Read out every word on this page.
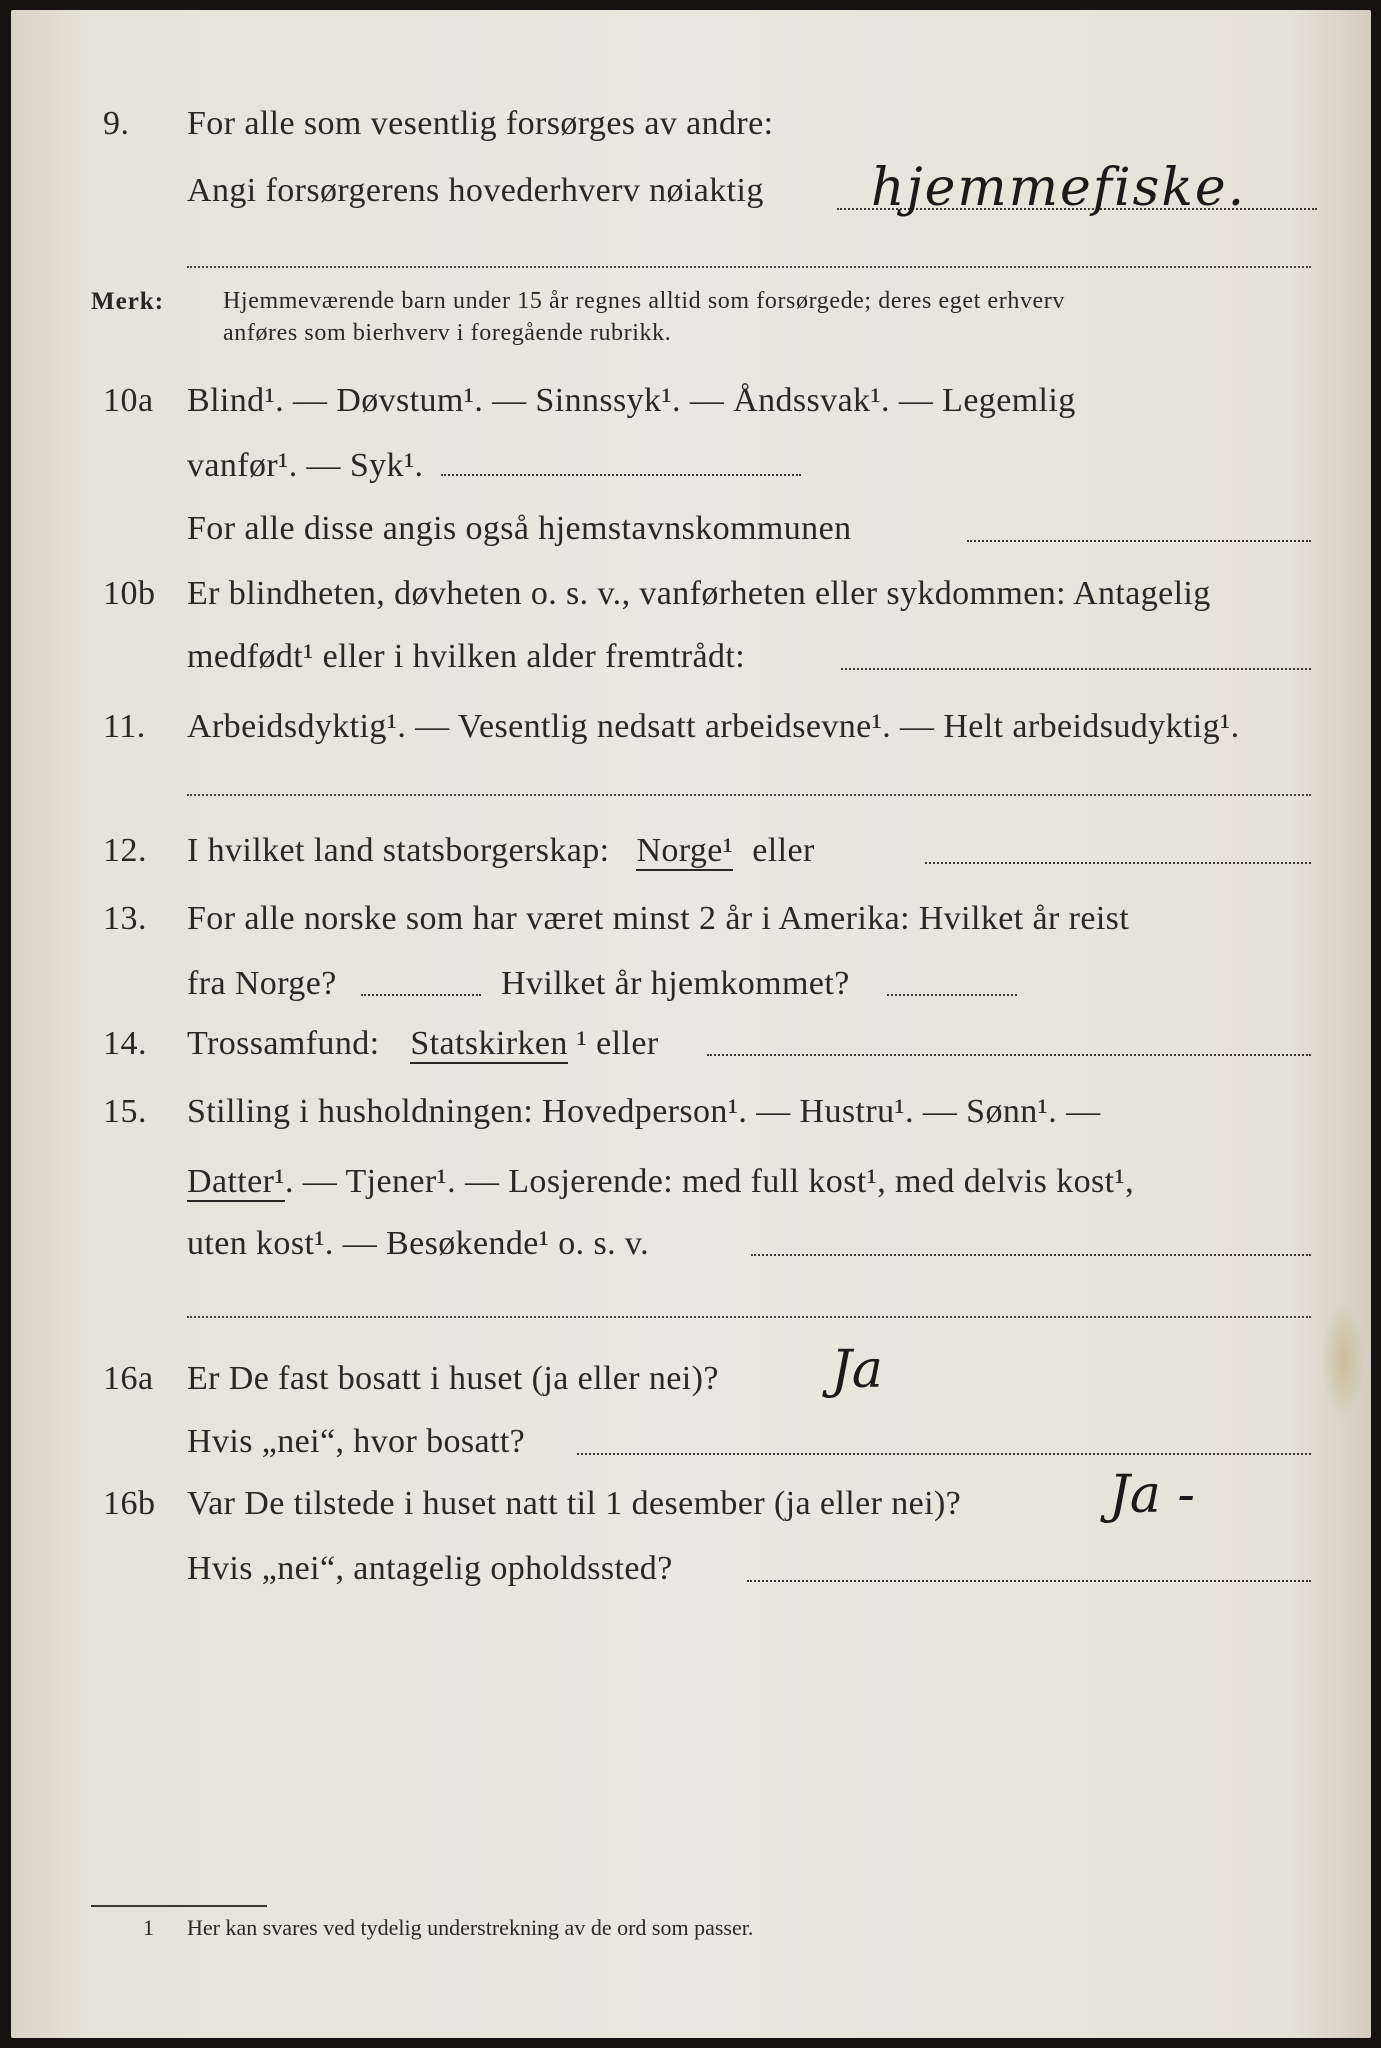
9. For alle som vesentlig forsørges av andre:
Angi forsørgerens hovederhverv nøiaktig hjemmefiske.
Merk: Hjemmeværende barn under 15 år regnes alltid som forsørgede; deres eget erhverv
anføres som bierhverv i foregående rubrikk.
10a Blind¹. — Døvstum¹. — Sinnssyk¹. — Åndssvak¹. — Legemlig
vanfør¹. — Syk¹.
For alle disse angis også hjemstavnskommunen
10b Er blindheten, døvheten o. s. v., vanførheten eller sykdommen: Antagelig
medfødt¹ eller i hvilken alder fremtrådt:
11. Arbeidsdyktig¹. — Vesentlig nedsatt arbeidsevne¹. — Helt arbeidsudyktig¹.
12. I hvilket land statsborgerskap: Norge¹ eller
13. For alle norske som har været minst 2 år i Amerika: Hvilket år reist
fra Norge?	Hvilket år hjemkommet?
14. Trossamfund: Statskirken ¹ eller
15. Stilling i husholdningen: Hovedperson¹. — Hustru¹. — Sønn¹. —
Datter¹. — Tjener¹. — Losjerende: med full kost¹, med delvis kost¹,
uten kost¹. — Besøkende¹ o. s. v.
16a Er De fast bosatt i huset (ja eller nei)? Ja
Hvis „nei“, hvor bosatt?
16b Var De tilstede i huset natt til 1 desember (ja eller nei)?	Ja -
Hvis „nei“, antagelig opholdssted?
1 Her kan svares ved tydelig understrekning av de ord som passer.
